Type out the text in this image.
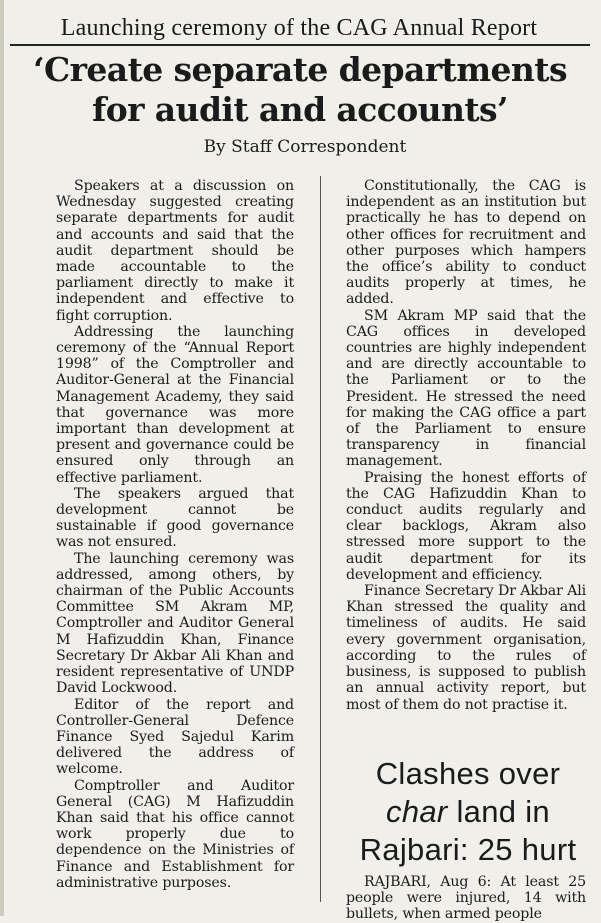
Launching ceremony of the CAG Annual Report
‘Create separate departments
for audit and accounts’
By Staff Correspondent

Speakers at a discussion on Wednesday suggested creating separate departments for audit and accounts and said that the audit department should be made accountable to the parliament directly to make it independent and effective to fight corruption.

Addressing the launching ceremony of the “Annual Report 1998” of the Comptroller and Auditor-General at the Financial Management Academy, they said that governance was more important than development at present and governance could be ensured only through an effective parliament.

The speakers argued that development cannot be sustainable if good governance was not ensured.

The launching ceremony was addressed, among others, by chairman of the Public Accounts Committee SM Akram MP, Comptroller and Auditor General M Hafizuddin Khan, Finance Secretary Dr Akbar Ali Khan and resident representative of UNDP David Lockwood.

Editor of the report and Controller-General Defence Finance Syed Sajedul Karim delivered the address of welcome.

Comptroller and Auditor General (CAG) M Hafizuddin Khan said that his office cannot work properly due to dependence on the Ministries of Finance and Establishment for administrative purposes.

Constitutionally, the CAG is independent as an institution but practically he has to depend on other offices for recruitment and other purposes which hampers the office’s ability to conduct audits properly at times, he added.

SM Akram MP said that the CAG offices in developed countries are highly independent and are directly accountable to the Parliament or to the President. He stressed the need for making the CAG office a part of the Parliament to ensure transparency in financial management.

Praising the honest efforts of the CAG Hafizuddin Khan to conduct audits regularly and clear backlogs, Akram also stressed more support to the audit department for its development and efficiency.

Finance Secretary Dr Akbar Ali Khan stressed the quality and timeliness of audits. He said every government organisation, according to the rules of business, is supposed to publish an annual activity report, but most of them do not practise it.

Clashes over
char land in
Rajbari: 25 hurt

RAJBARI, Aug 6: At least 25 people were injured, 14 with bullets, when armed people
